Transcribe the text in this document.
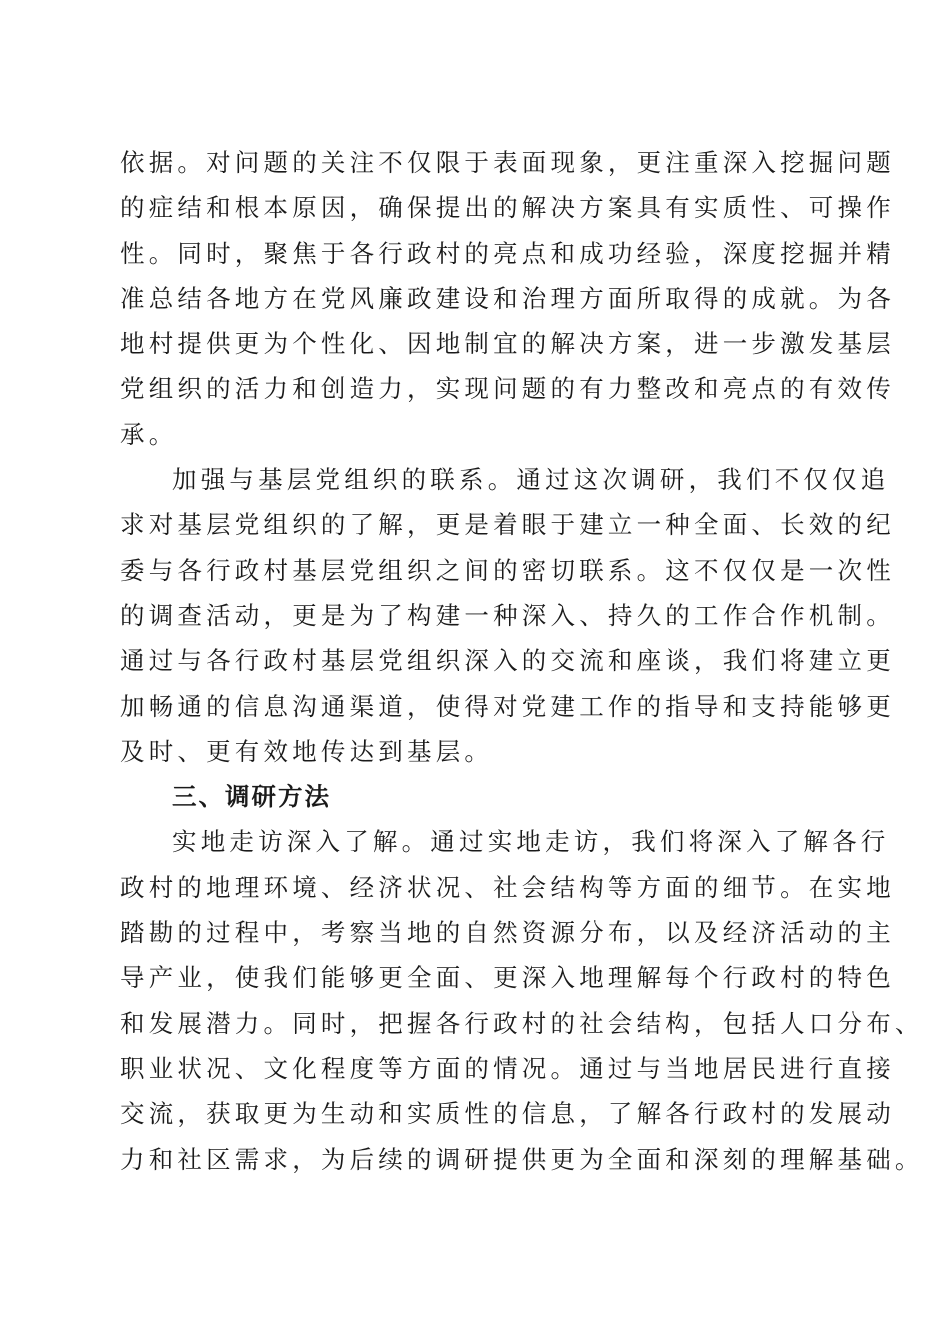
依据。对问题的关注不仅限于表面现象，更注重深入挖掘问题
的症结和根本原因，确保提出的解决方案具有实质性、可操作
性。同时，聚焦于各行政村的亮点和成功经验，深度挖掘并精
准总结各地方在党风廉政建设和治理方面所取得的成就。为各
地村提供更为个性化、因地制宜的解决方案，进一步激发基层
党组织的活力和创造力，实现问题的有力整改和亮点的有效传
承。
加强与基层党组织的联系。通过这次调研，我们不仅仅追
求对基层党组织的了解，更是着眼于建立一种全面、长效的纪
委与各行政村基层党组织之间的密切联系。这不仅仅是一次性
的调查活动，更是为了构建一种深入、持久的工作合作机制。
通过与各行政村基层党组织深入的交流和座谈，我们将建立更
加畅通的信息沟通渠道，使得对党建工作的指导和支持能够更
及时、更有效地传达到基层。
三、调研方法
实地走访深入了解。通过实地走访，我们将深入了解各行
政村的地理环境、经济状况、社会结构等方面的细节。在实地
踏勘的过程中，考察当地的自然资源分布，以及经济活动的主
导产业，使我们能够更全面、更深入地理解每个行政村的特色
和发展潜力。同时，把握各行政村的社会结构，包括人口分布、
职业状况、文化程度等方面的情况。通过与当地居民进行直接
交流，获取更为生动和实质性的信息，了解各行政村的发展动
力和社区需求，为后续的调研提供更为全面和深刻的理解基础。
